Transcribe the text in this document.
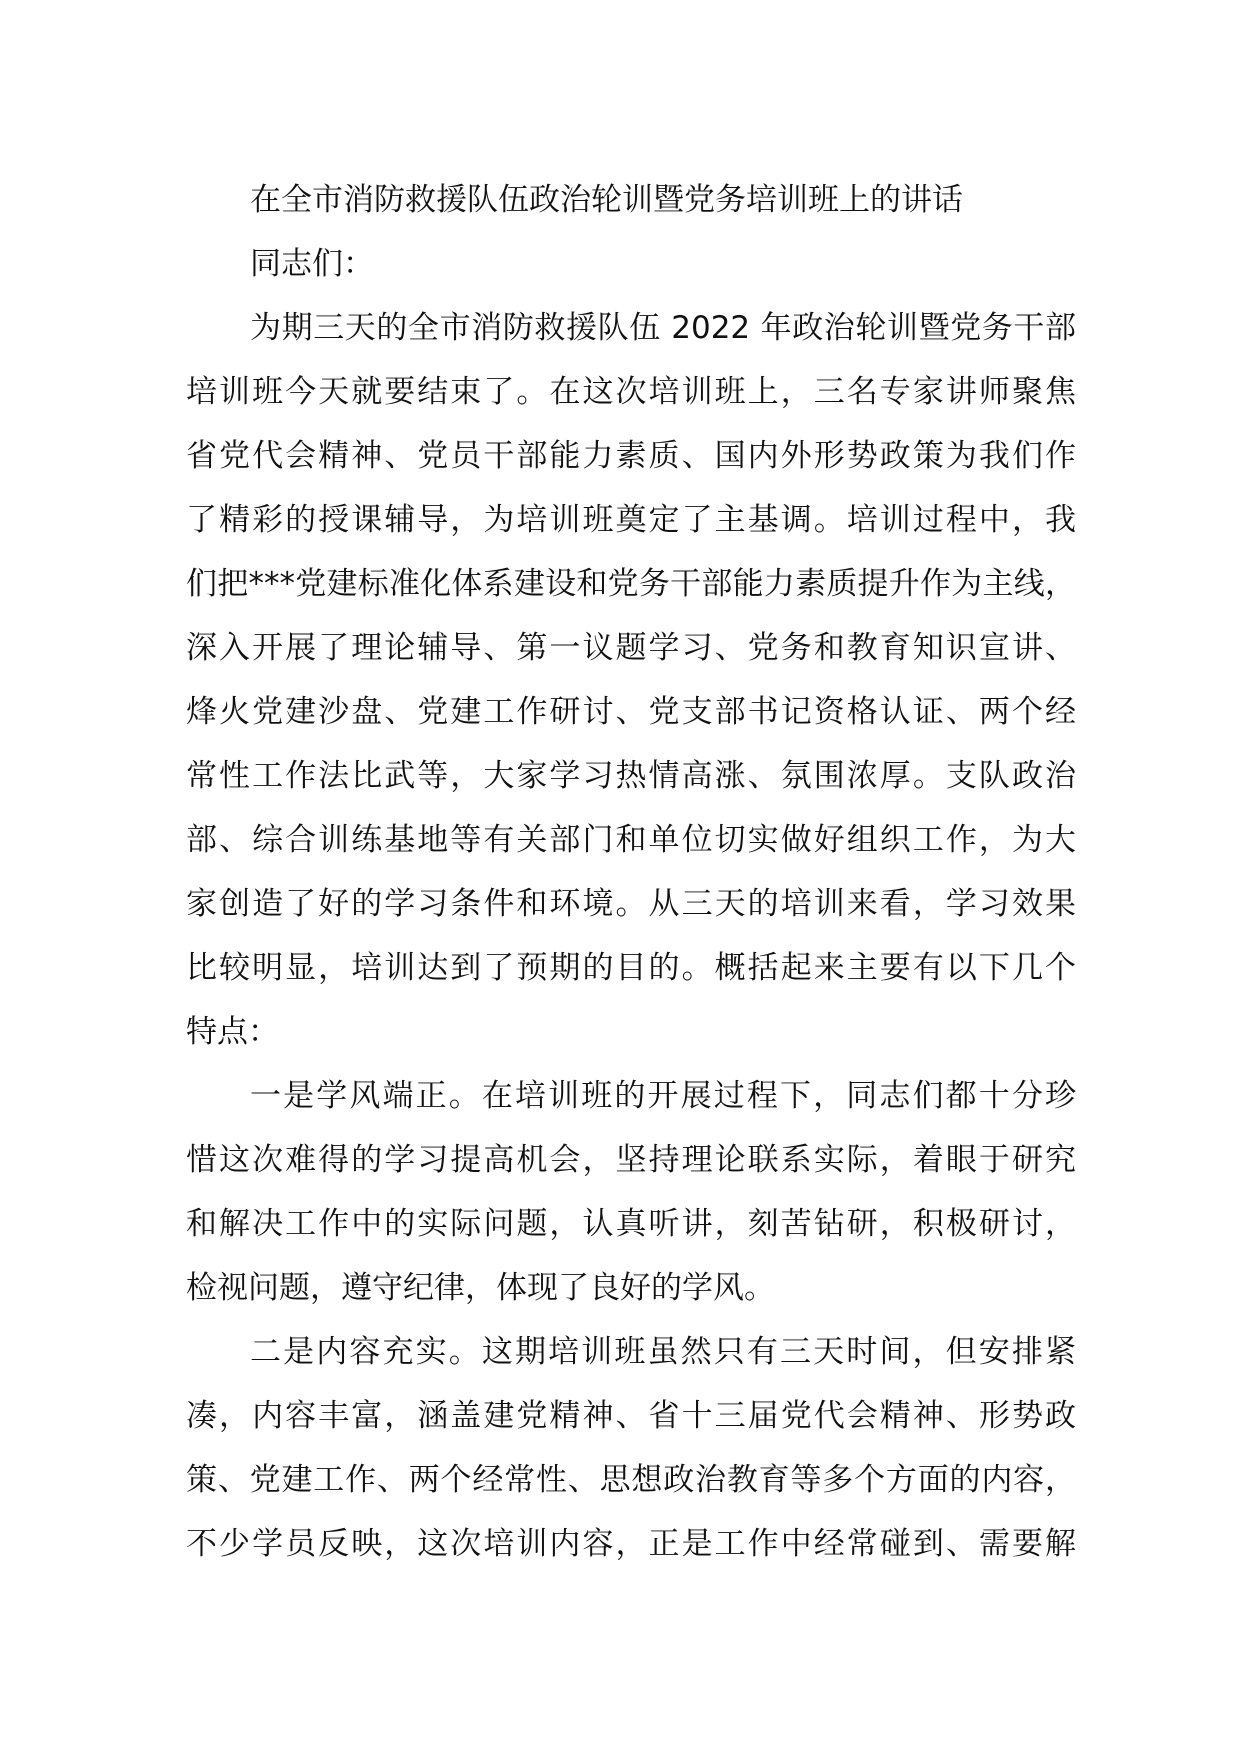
在全市消防救援队伍政治轮训暨党务培训班上的讲话
同志们：
为期三天的全市消防救援队伍 2022 年政治轮训暨党务干部
培训班今天就要结束了。在这次培训班上，三名专家讲师聚焦
省党代会精神、党员干部能力素质、国内外形势政策为我们作
了精彩的授课辅导，为培训班奠定了主基调。培训过程中，我
们把***党建标准化体系建设和党务干部能力素质提升作为主线，
深入开展了理论辅导、第一议题学习、党务和教育知识宣讲、
烽火党建沙盘、党建工作研讨、党支部书记资格认证、两个经
常性工作法比武等，大家学习热情高涨、氛围浓厚。支队政治
部、综合训练基地等有关部门和单位切实做好组织工作，为大
家创造了好的学习条件和环境。从三天的培训来看，学习效果
比较明显，培训达到了预期的目的。概括起来主要有以下几个
特点：
一是学风端正。在培训班的开展过程下，同志们都十分珍
惜这次难得的学习提高机会，坚持理论联系实际，着眼于研究
和解决工作中的实际问题，认真听讲，刻苦钻研，积极研讨，
检视问题，遵守纪律，体现了良好的学风。
二是内容充实。这期培训班虽然只有三天时间，但安排紧
凑，内容丰富，涵盖建党精神、省十三届党代会精神、形势政
策、党建工作、两个经常性、思想政治教育等多个方面的内容，
不少学员反映，这次培训内容，正是工作中经常碰到、需要解
